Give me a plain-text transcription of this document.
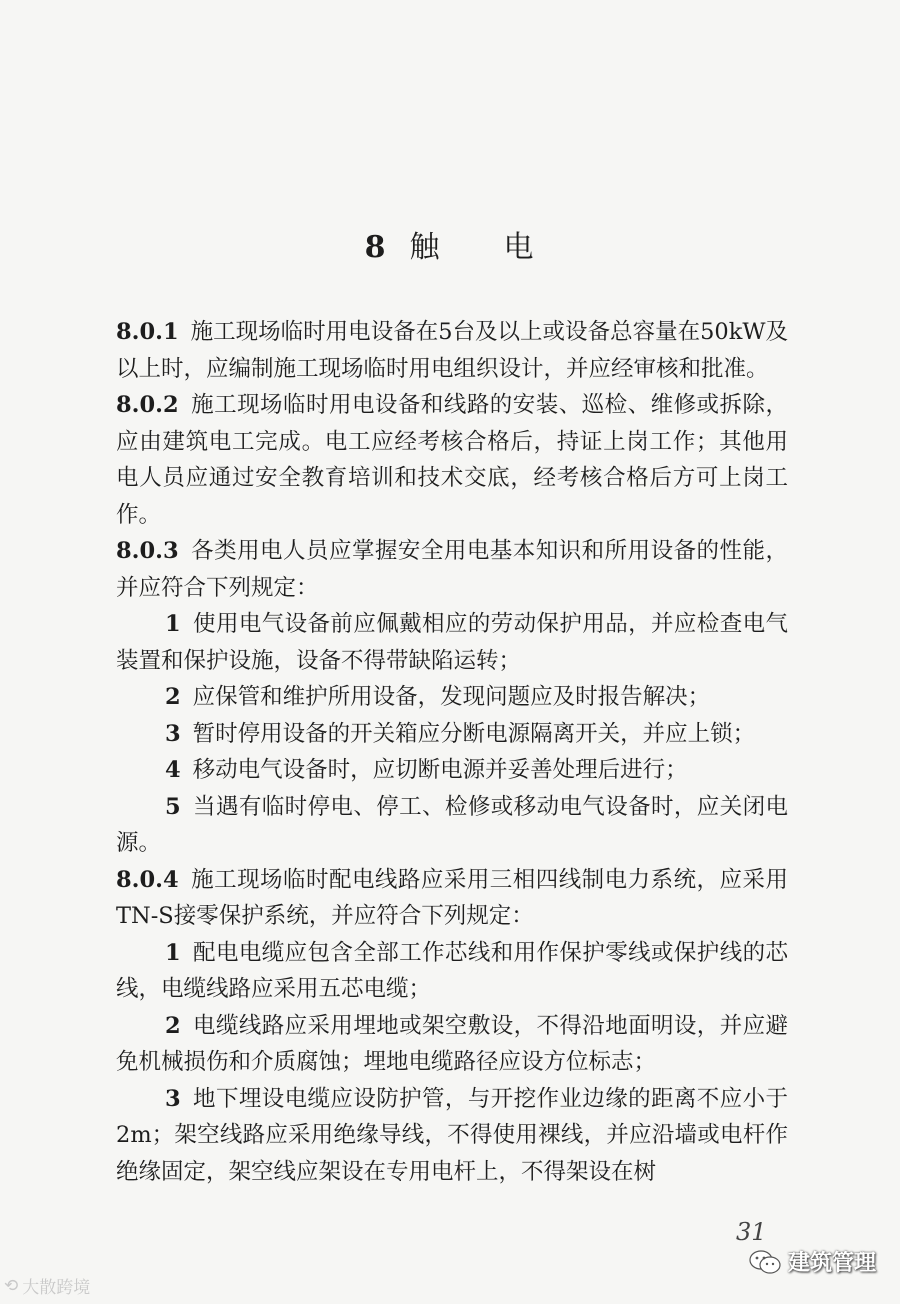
8 触 电

8.0.1 施工现场临时用电设备在5台及以上或设备总容量在50kW及以上时，应编制施工现场临时用电组织设计，并应经审核和批准。

8.0.2 施工现场临时用电设备和线路的安装、巡检、维修或拆除，应由建筑电工完成。电工应经考核合格后，持证上岗工作；其他用电人员应通过安全教育培训和技术交底，经考核合格后方可上岗工作。

8.0.3 各类用电人员应掌握安全用电基本知识和所用设备的性能，并应符合下列规定：

1 使用电气设备前应佩戴相应的劳动保护用品，并应检查电气装置和保护设施，设备不得带缺陷运转；

2 应保管和维护所用设备，发现问题应及时报告解决；

3 暂时停用设备的开关箱应分断电源隔离开关，并应上锁；

4 移动电气设备时，应切断电源并妥善处理后进行；

5 当遇有临时停电、停工、检修或移动电气设备时，应关闭电源。

8.0.4 施工现场临时配电线路应采用三相四线制电力系统，应采用TN-S接零保护系统，并应符合下列规定：

1 配电电缆应包含全部工作芯线和用作保护零线或保护线的芯线，电缆线路应采用五芯电缆；

2 电缆线路应采用埋地或架空敷设，不得沿地面明设，并应避免机械损伤和介质腐蚀；埋地电缆路径应设方位标志；

3 地下埋设电缆应设防护管，与开挖作业边缘的距离不应小于2m；架空线路应采用绝缘导线，不得使用裸线，并应沿墙或电杆作绝缘固定，架空线应架设在专用电杆上，不得架设在树

31
⟲ 大散跨境
建筑管理
